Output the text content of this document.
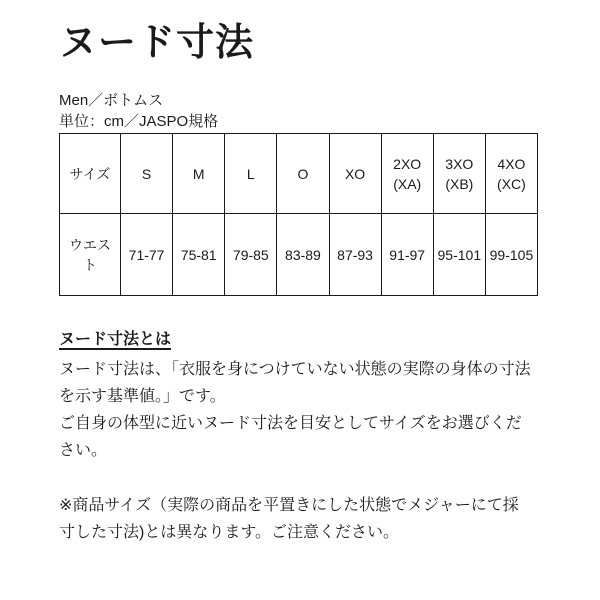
ヌード寸法
Men／ボトムス
単位：cm／JASPO規格
サイズ	S	M	L	O	XO	2XO (XA)	3XO (XB)	4XO (XC)
ウエスト	71-77	75-81	79-85	83-89	87-93	91-97	95-101	99-105
ヌード寸法とは
ヌード寸法は、「衣服を身につけていない状態の実際の身体の寸法
を示す基準値。」です。
ご自身の体型に近いヌード寸法を目安としてサイズをお選びくだ
さい。
※商品サイズ（実際の商品を平置きにした状態でメジャーにて採
寸した寸法)とは異なります。ご注意ください。
